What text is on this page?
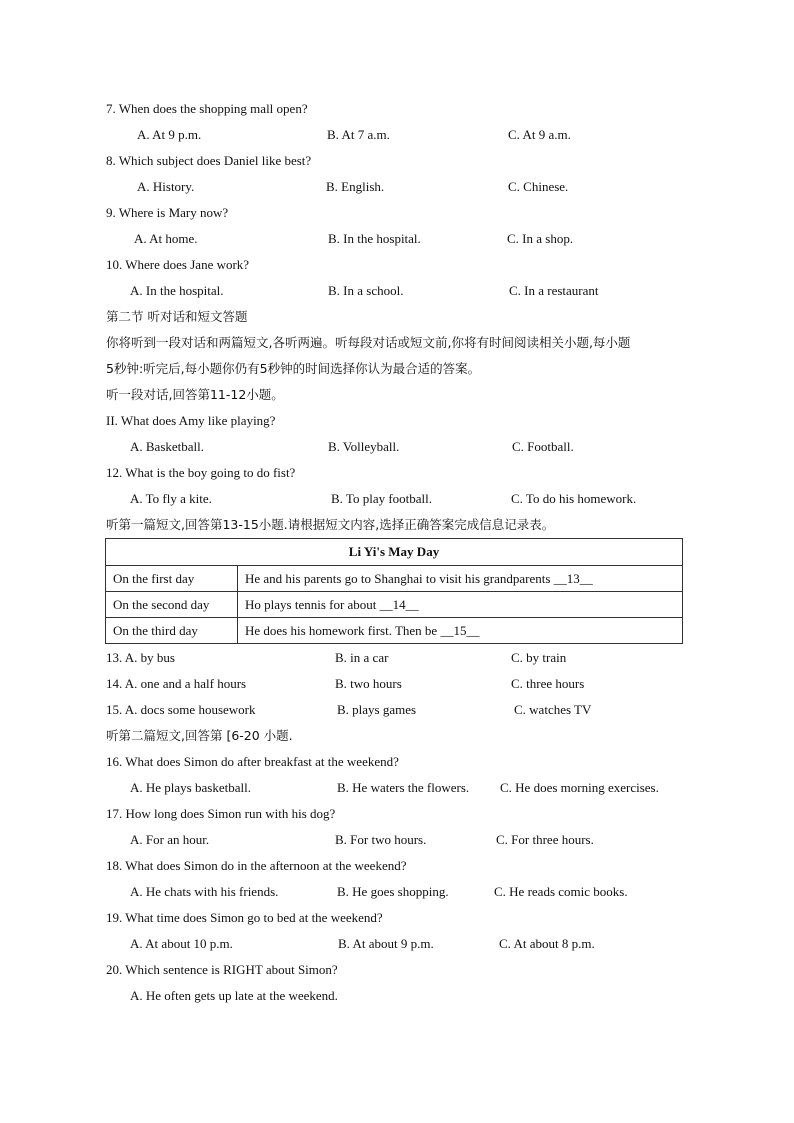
7. When does the shopping mall open?
A. At 9 p.m.	B. At 7 a.m.	C. At 9 a.m.
8. Which subject does Daniel like best?
A. History.	B. English.	C. Chinese.
9. Where is Mary now?
A. At home.	B. In the hospital.	C. In a shop.
10. Where does Jane work?
A. In the hospital.	B. In a school.	C. In a restaurant
第二节 听对话和短文答题
你将听到一段对话和两篇短文,各听两遍。听每段对话或短文前,你将有时间阅读相关小题,每小题
5秒钟:听完后,每小题你仍有5秒钟的时间选择你认为最合适的答案。
听一段对话,回答第11-12小题。
II. What does Amy like playing?
A. Basketball.	B. Volleyball.	C. Football.
12. What is the boy going to do fist?
A. To fly a kite.	B. To play football.	C. To do his homework.
听第一篇短文,回答第13-15小题.请根据短文内容,选择正确答案完成信息记录表。
Li Yi's May Day	
On the first day	He and his parents go to Shanghai to visit his grandparents __13__
On the second day	Ho plays tennis for about __14__
On the third day	He does his homework first. Then be __15__
13. A. by bus	B. in a car	C. by train
14. A. one and a half hours	B. two hours	C. three hours
15. A. docs some housework	B. plays games	C. watches TV
听第二篇短文,回答第 [6-20 小题.
16. What does Simon do after breakfast at the weekend?
A. He plays basketball.	B. He waters the flowers. C. He does morning exercises.
17. How long does Simon run with his dog?
A. For an hour.	B. For two hours.	C. For three hours.
18. What does Simon do in the afternoon at the weekend?
A. He chats with his friends.	B. He goes shopping.	C. He reads comic books.
19. What time does Simon go to bed at the weekend?
A. At about 10 p.m.	B. At about 9 p.m.	C. At about 8 p.m.
20. Which sentence is RIGHT about Simon?
A. He often gets up late at the weekend.
